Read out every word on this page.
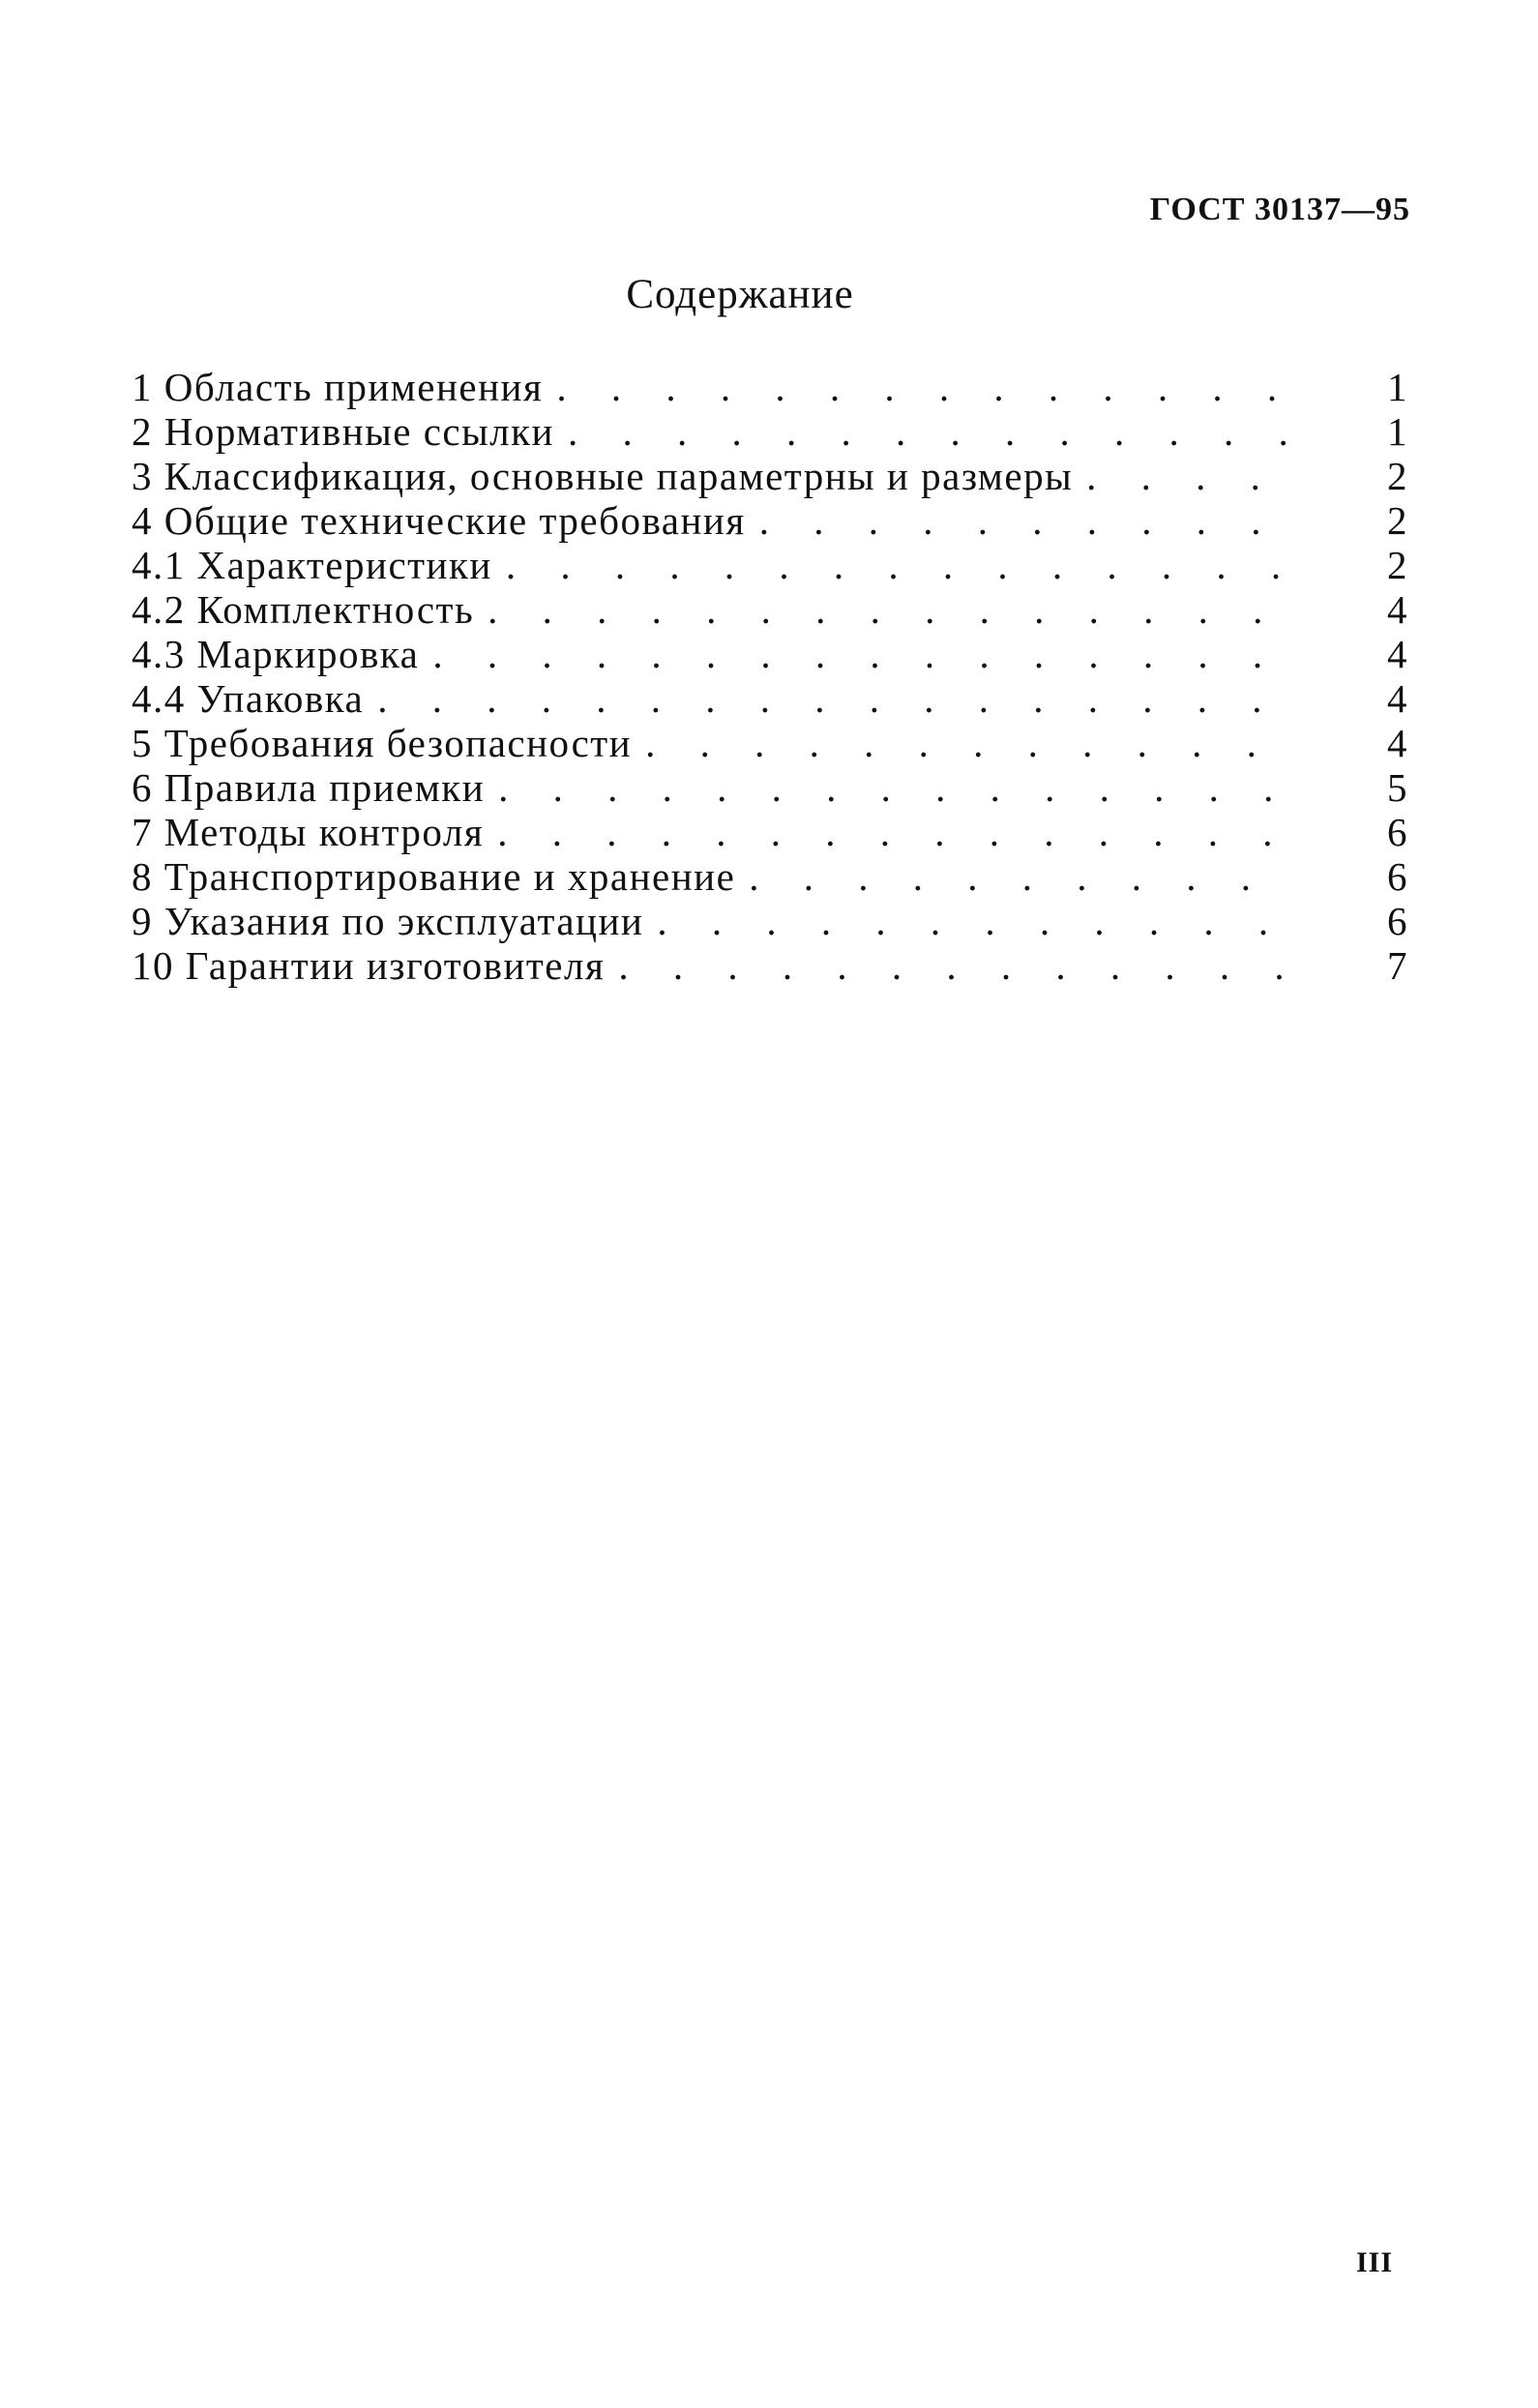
ГОСТ 30137—95
Содержание
1 Область применения . . .	1
2 Нормативные ссылки . . .	1
3 Классификация, основные параметрны и размеры . . .	2
4 Общие технические требования . . .	2
4.1 Характеристики . . .	2
4.2 Комплектность . . .	4
4.3 Маркировка . . .	4
4.4 Упаковка . . .	4
5 Требования безопасности . . .	4
6 Правила приемки . . .	5
7 Методы контроля . . .	6
8 Транспортирование и хранение . . .	6
9 Указания по эксплуатации . . .	6
10 Гарантии изготовителя . . .	7
III
